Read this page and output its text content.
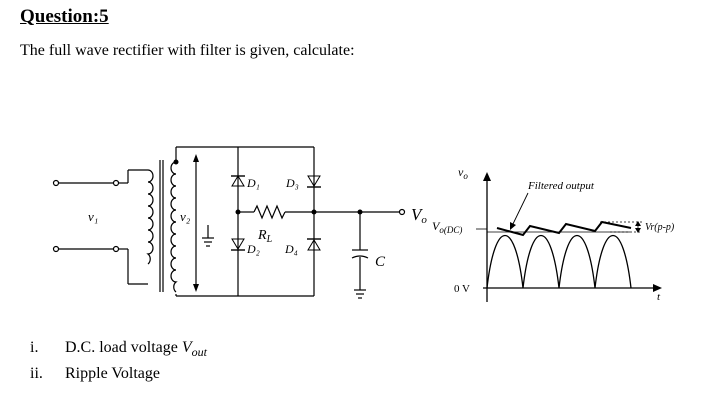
Question:5
The full wave rectifier with filter is given, calculate:
v₁	v₂
D₁ D₃
D₂ D₄
$R_L$
C
Vo
$v_o$
$V_{o(DC)}$
0 V
Filtered output
Vr(p-p)
t
i.	D.C. load voltage $V_{out}$
ii.	Ripple Voltage
